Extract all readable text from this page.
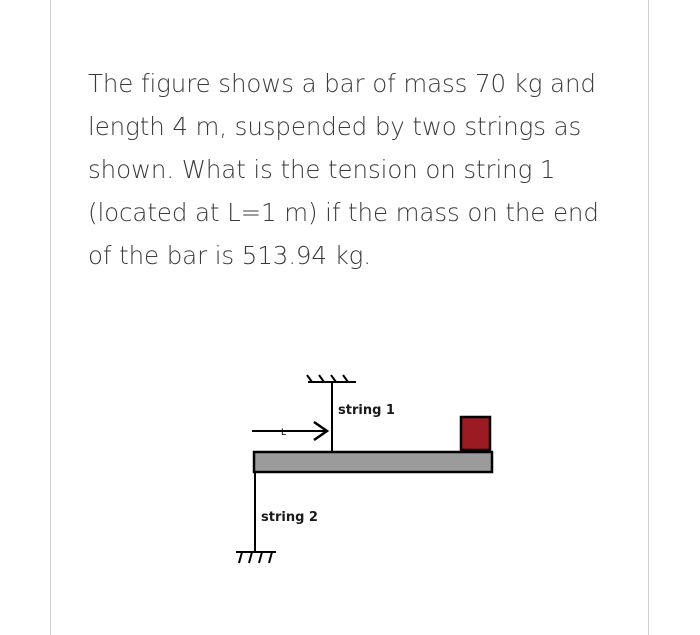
The figure shows a bar of mass 70 kg and length 4 m, suspended by two strings as shown. What is the tension on string 1 (located at L=1 m) if the mass on the end of the bar is 513.94 kg.

string 1
L
string 2
